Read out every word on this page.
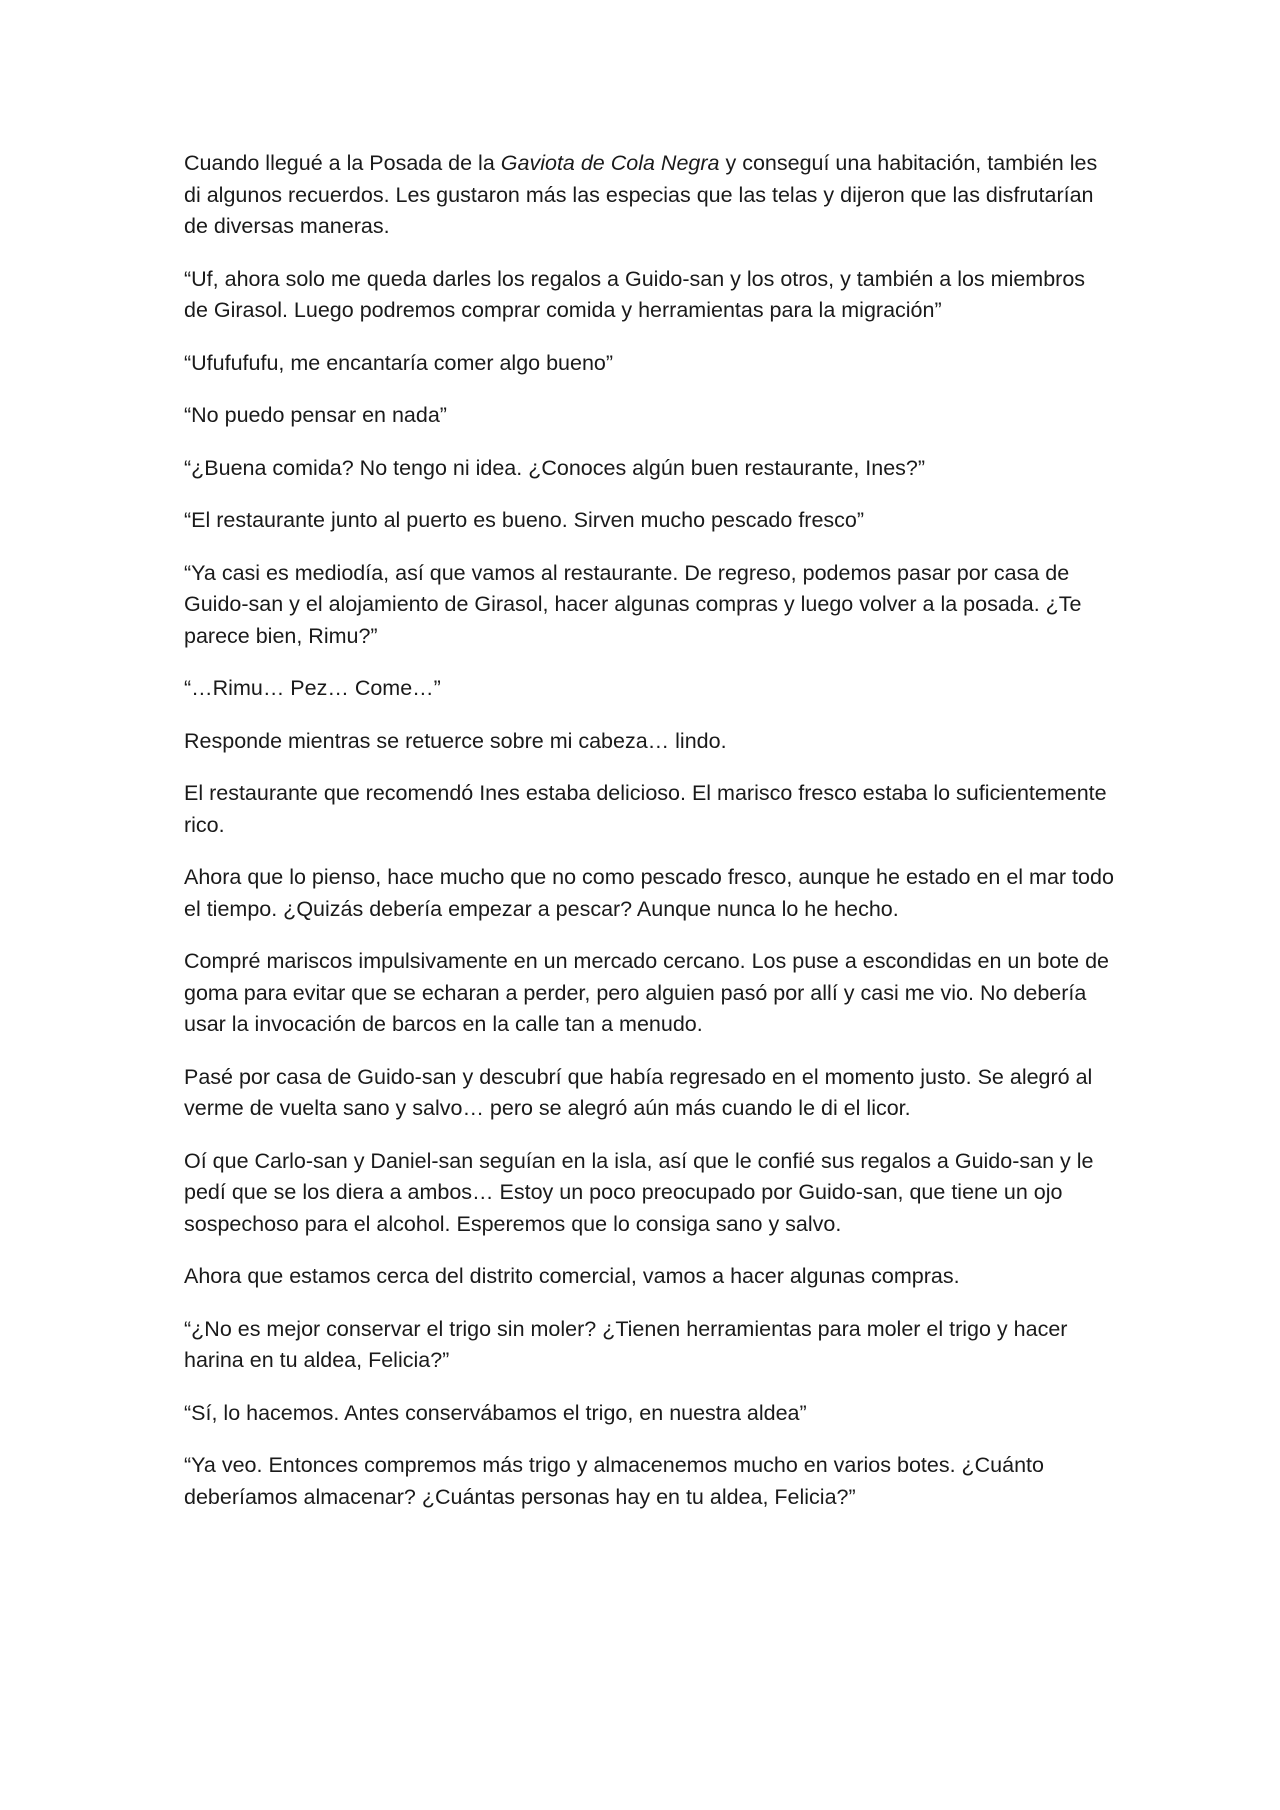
Cuando llegué a la Posada de la Gaviota de Cola Negra y conseguí una habitación, también les di algunos recuerdos. Les gustaron más las especias que las telas y dijeron que las disfrutarían de diversas maneras.

“Uf, ahora solo me queda darles los regalos a Guido-san y los otros, y también a los miembros de Girasol. Luego podremos comprar comida y herramientas para la migración”

“Ufufufufu, me encantaría comer algo bueno”

“No puedo pensar en nada”

“¿Buena comida? No tengo ni idea. ¿Conoces algún buen restaurante, Ines?”

“El restaurante junto al puerto es bueno. Sirven mucho pescado fresco”

“Ya casi es mediodía, así que vamos al restaurante. De regreso, podemos pasar por casa de Guido-san y el alojamiento de Girasol, hacer algunas compras y luego volver a la posada. ¿Te parece bien, Rimu?”

“…Rimu… Pez… Come…”

Responde mientras se retuerce sobre mi cabeza… lindo.

El restaurante que recomendó Ines estaba delicioso. El marisco fresco estaba lo suficientemente rico.

Ahora que lo pienso, hace mucho que no como pescado fresco, aunque he estado en el mar todo el tiempo. ¿Quizás debería empezar a pescar? Aunque nunca lo he hecho.

Compré mariscos impulsivamente en un mercado cercano. Los puse a escondidas en un bote de goma para evitar que se echaran a perder, pero alguien pasó por allí y casi me vio. No debería usar la invocación de barcos en la calle tan a menudo.

Pasé por casa de Guido-san y descubrí que había regresado en el momento justo. Se alegró al verme de vuelta sano y salvo… pero se alegró aún más cuando le di el licor.

Oí que Carlo-san y Daniel-san seguían en la isla, así que le confié sus regalos a Guido-san y le pedí que se los diera a ambos… Estoy un poco preocupado por Guido-san, que tiene un ojo sospechoso para el alcohol. Esperemos que lo consiga sano y salvo.

Ahora que estamos cerca del distrito comercial, vamos a hacer algunas compras.

“¿No es mejor conservar el trigo sin moler? ¿Tienen herramientas para moler el trigo y hacer harina en tu aldea, Felicia?”

“Sí, lo hacemos. Antes conservábamos el trigo, en nuestra aldea”

“Ya veo. Entonces compremos más trigo y almacenemos mucho en varios botes. ¿Cuánto deberíamos almacenar? ¿Cuántas personas hay en tu aldea, Felicia?”
